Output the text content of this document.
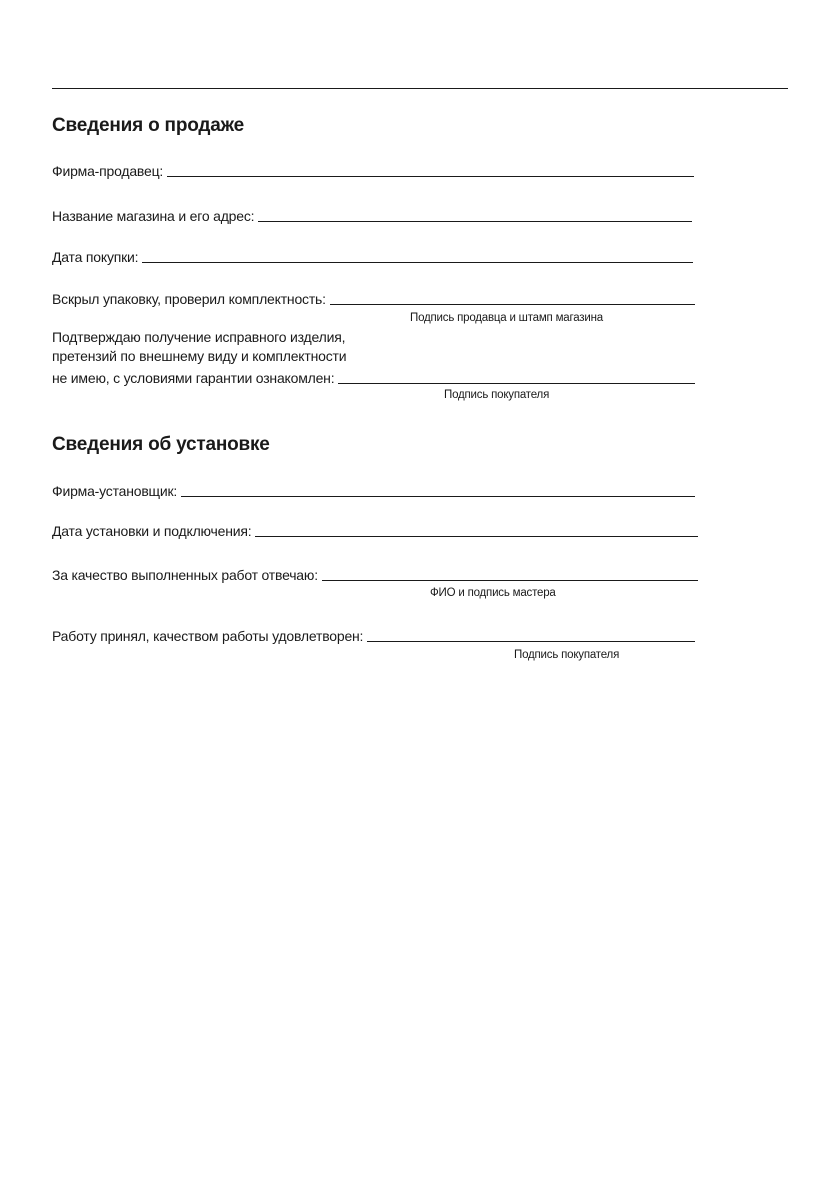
Сведения о продаже
Фирма-продавец:
Название магазина и его адрес:
Дата покупки:
Вскрыл упаковку, проверил комплектность:
Подпись продавца и штамп магазина
Подтверждаю получение исправного изделия,
претензий по внешнему виду и комплектности
не имею, с условиями гарантии ознакомлен:
Подпись покупателя
Сведения об установке
Фирма-установщик:
Дата установки и подключения:
За качество выполненных работ отвечаю:
ФИО и подпись мастера
Работу принял, качеством работы удовлетворен:
Подпись покупателя
